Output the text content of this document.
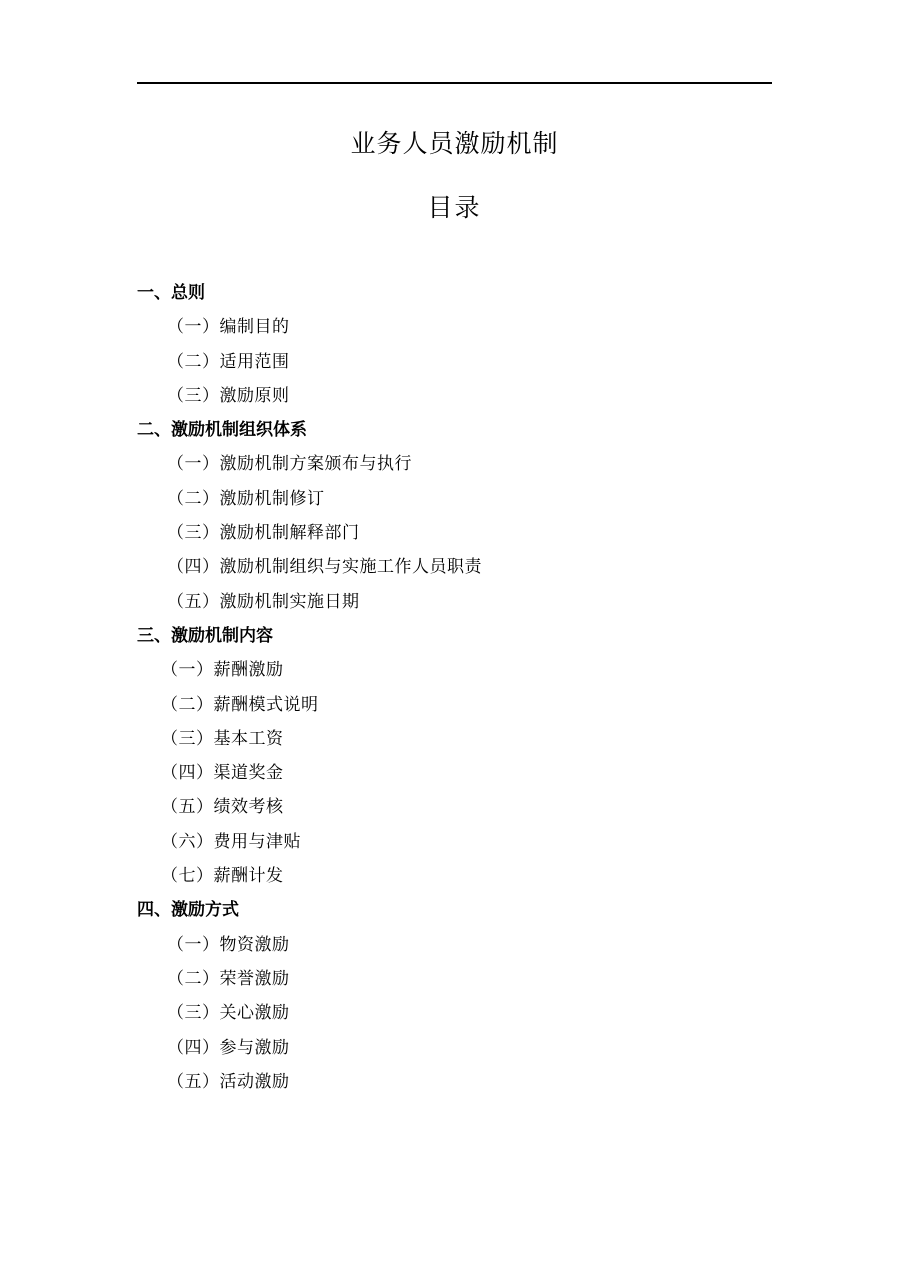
业务人员激励机制
目录
一、总则
（一）编制目的
（二）适用范围
（三）激励原则
二、激励机制组织体系
（一）激励机制方案颁布与执行
（二）激励机制修订
（三）激励机制解释部门
（四）激励机制组织与实施工作人员职责
（五）激励机制实施日期
三、激励机制内容
（一）薪酬激励
（二）薪酬模式说明
（三）基本工资
（四）渠道奖金
（五）绩效考核
（六）费用与津贴
（七）薪酬计发
四、激励方式
（一）物资激励
（二）荣誉激励
（三）关心激励
（四）参与激励
（五）活动激励
